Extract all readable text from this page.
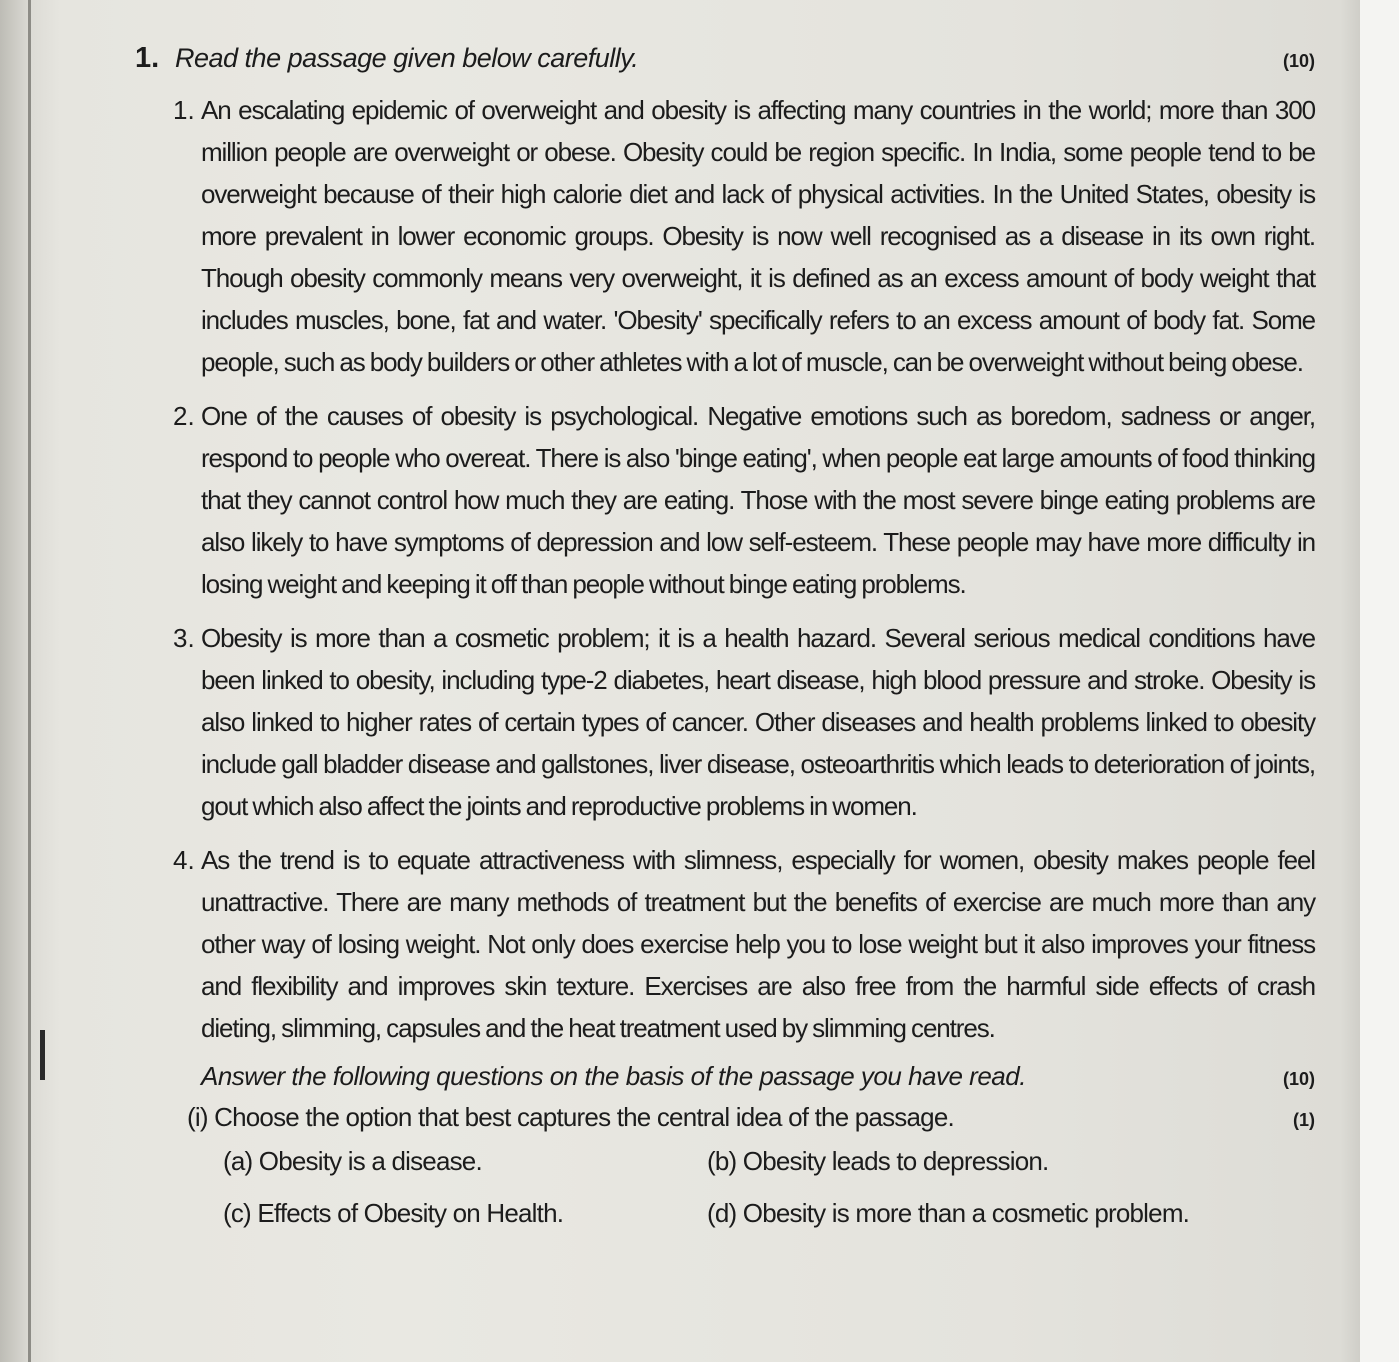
1. Read the passage given below carefully.	(10)
1. An escalating epidemic of overweight and obesity is affecting many countries in the world; more than 300 million people are overweight or obese. Obesity could be region specific. In India, some people tend to be overweight because of their high calorie diet and lack of physical activities. In the United States, obesity is more prevalent in lower economic groups. Obesity is now well recognised as a disease in its own right. Though obesity commonly means very overweight, it is defined as an excess amount of body weight that includes muscles, bone, fat and water. 'Obesity' specifically refers to an excess amount of body fat. Some people, such as body builders or other athletes with a lot of muscle, can be overweight without being obese.

2. One of the causes of obesity is psychological. Negative emotions such as boredom, sadness or anger, respond to people who overeat. There is also 'binge eating', when people eat large amounts of food thinking that they cannot control how much they are eating. Those with the most severe binge eating problems are also likely to have symptoms of depression and low self-esteem. These people may have more difficulty in losing weight and keeping it off than people without binge eating problems.

3. Obesity is more than a cosmetic problem; it is a health hazard. Several serious medical conditions have been linked to obesity, including type-2 diabetes, heart disease, high blood pressure and stroke. Obesity is also linked to higher rates of certain types of cancer. Other diseases and health problems linked to obesity include gall bladder disease and gallstones, liver disease, osteoarthritis which leads to deterioration of joints, gout which also affect the joints and reproductive problems in women.

4. As the trend is to equate attractiveness with slimness, especially for women, obesity makes people feel unattractive. There are many methods of treatment but the benefits of exercise are much more than any other way of losing weight. Not only does exercise help you to lose weight but it also improves your fitness and flexibility and improves skin texture. Exercises are also free from the harmful side effects of crash dieting, slimming, capsules and the heat treatment used by slimming centres.

Answer the following questions on the basis of the passage you have read.	(10)
(i) Choose the option that best captures the central idea of the passage.	(1)
(a) Obesity is a disease.	(b) Obesity leads to depression.
(c) Effects of Obesity on Health.	(d) Obesity is more than a cosmetic problem.
